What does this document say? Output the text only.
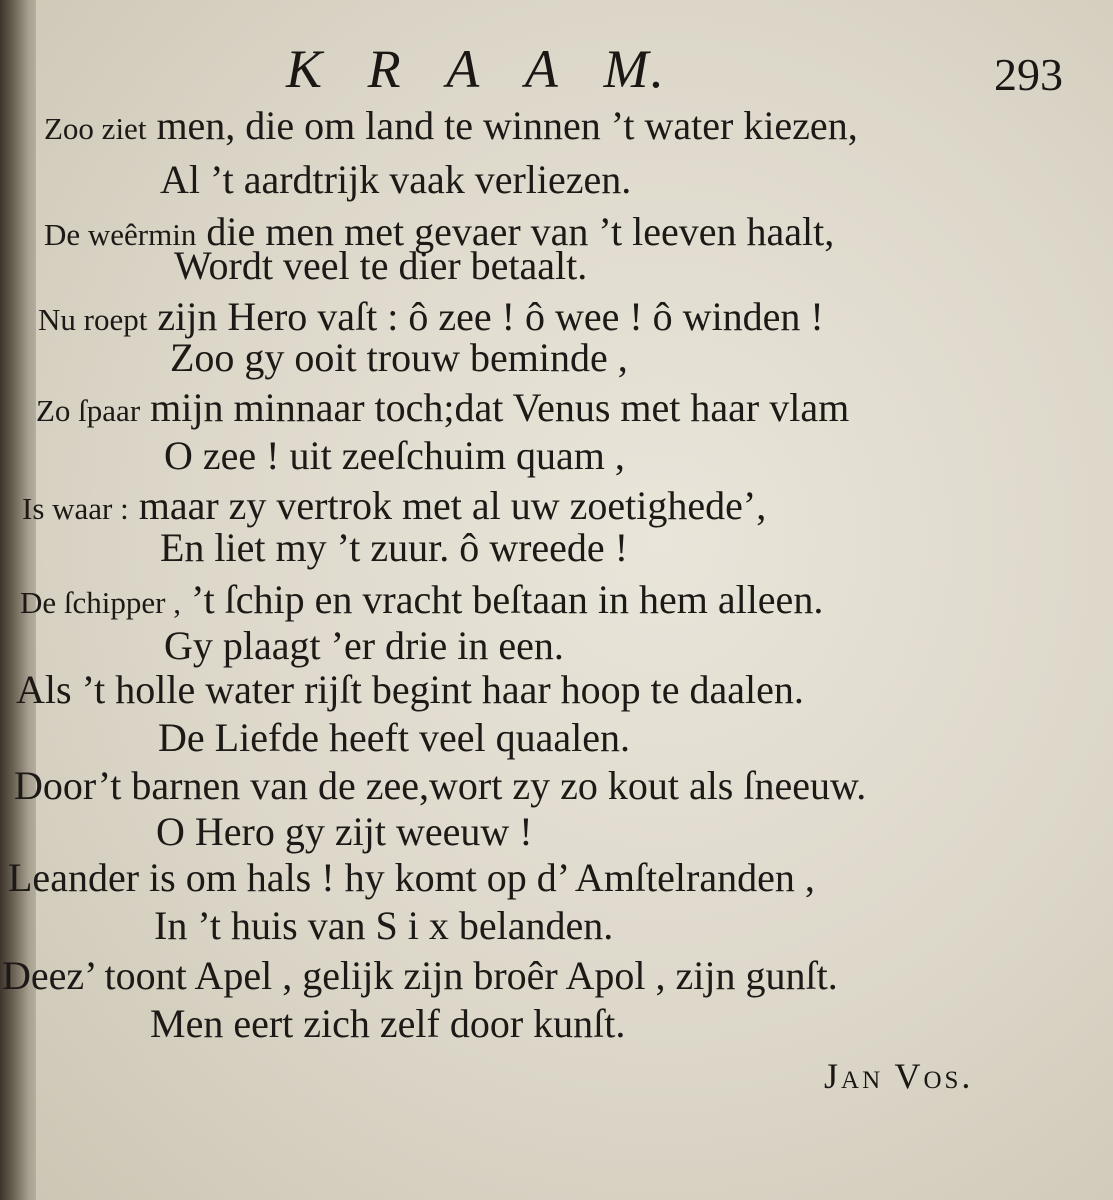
K R A A M.	293
Zoo ziet men, die om land te winnen ’t water kiezen,
Al ’t aardtrijk vaak verliezen.
De weêrmin die men met gevaer van ’t leeven haalt,
Wordt veel te dier betaalt.
Nu roept zijn Hero vaſt : ô zee ! ô wee ! ô winden !
Zoo gy ooit trouw beminde ,
Zo ſpaar mijn minnaar toch;dat Venus met haar vlam
O zee ! uit zeeſchuim quam ,
Is waar : maar zy vertrok met al uw zoetighede’,
En liet my ’t zuur. ô wreede !
De ſchipper , ’t ſchip en vracht beſtaan in hem alleen.
Gy plaagt ’er drie in een.
Als ’t holle water rijſt begint haar hoop te daalen.
De Liefde heeft veel quaalen.
Door’t barnen van de zee,wort zy zo kout als ſneeuw.
O Hero gy zijt weeuw !
Leander is om hals ! hy komt op d’ Amſtelranden ,
In ’t huis van S i x belanden.
Deez’ toont Apel , gelijk zijn broêr Apol , zijn gunſt.
Men eert zich zelf door kunſt.
Jan Vos.
